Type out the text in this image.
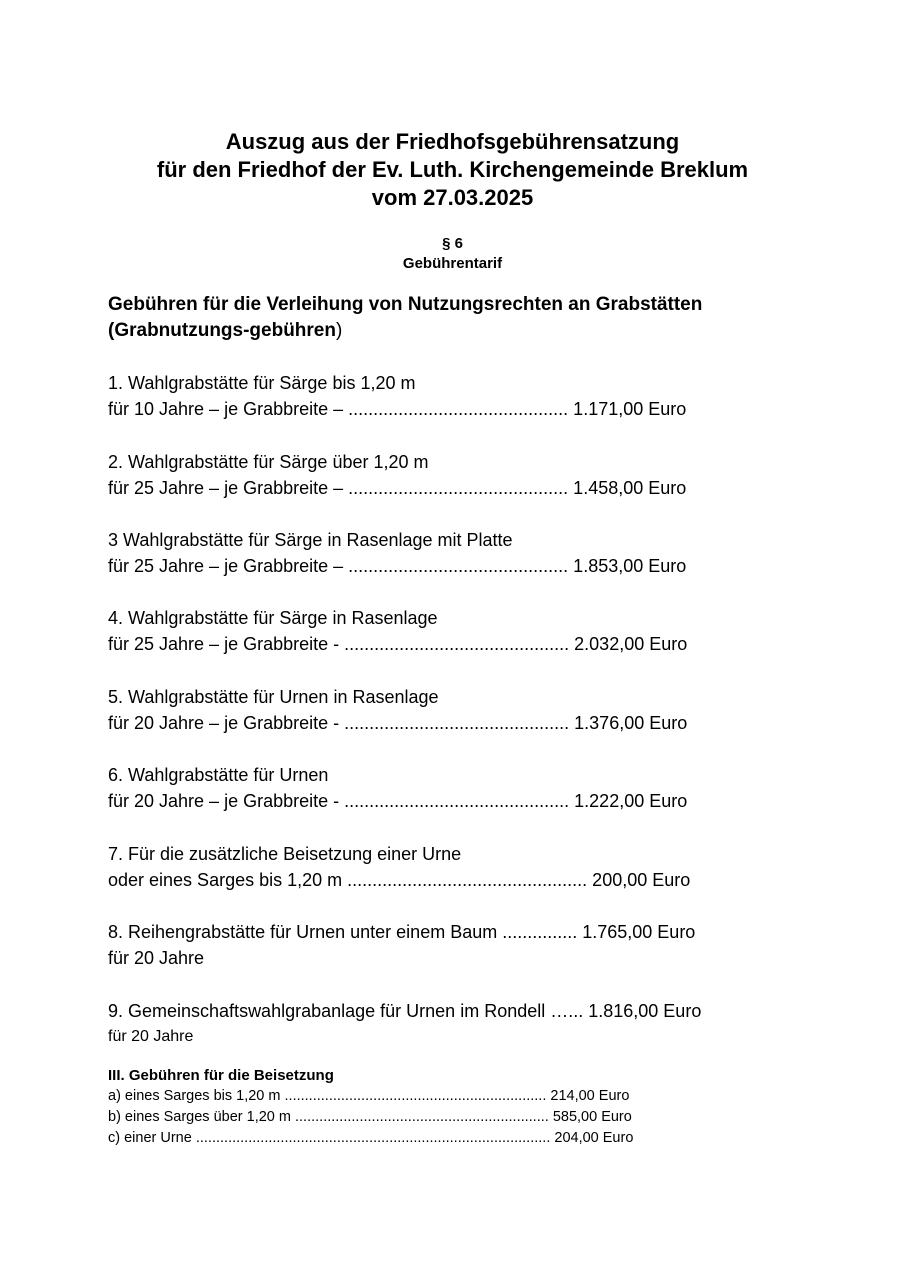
Auszug aus der Friedhofsgebührensatzung
für den Friedhof der Ev. Luth. Kirchengemeinde Breklum
vom 27.03.2025
§ 6
Gebührentarif
Gebühren für die Verleihung von Nutzungsrechten an Grabstätten
(Grabnutzungs-gebühren)
1. Wahlgrabstätte für Särge bis 1,20 m
für 10 Jahre – je Grabbreite – ............................................ 1.171,00 Euro
2. Wahlgrabstätte für Särge über 1,20 m
für 25 Jahre – je Grabbreite – ............................................ 1.458,00 Euro
3 Wahlgrabstätte für Särge in Rasenlage mit Platte
für 25 Jahre – je Grabbreite – ............................................ 1.853,00 Euro
4. Wahlgrabstätte für Särge in Rasenlage
für 25 Jahre – je Grabbreite - ............................................. 2.032,00 Euro
5. Wahlgrabstätte für Urnen in Rasenlage
für 20 Jahre – je Grabbreite - ............................................. 1.376,00 Euro
6. Wahlgrabstätte für Urnen
für 20 Jahre – je Grabbreite - ............................................. 1.222,00 Euro
7. Für die zusätzliche Beisetzung einer Urne
oder eines Sarges bis 1,20 m ................................................ 200,00 Euro
8. Reihengrabstätte für Urnen unter einem Baum ............... 1.765,00 Euro
für 20 Jahre
9. Gemeinschaftswahlgrabanlage für Urnen im Rondell …... 1.816,00 Euro
für 20 Jahre
III. Gebühren für die Beisetzung
a) eines Sarges bis 1,20 m ................................................................. 214,00 Euro
b) eines Sarges über 1,20 m ............................................................... 585,00 Euro
c) einer Urne ........................................................................................ 204,00 Euro
